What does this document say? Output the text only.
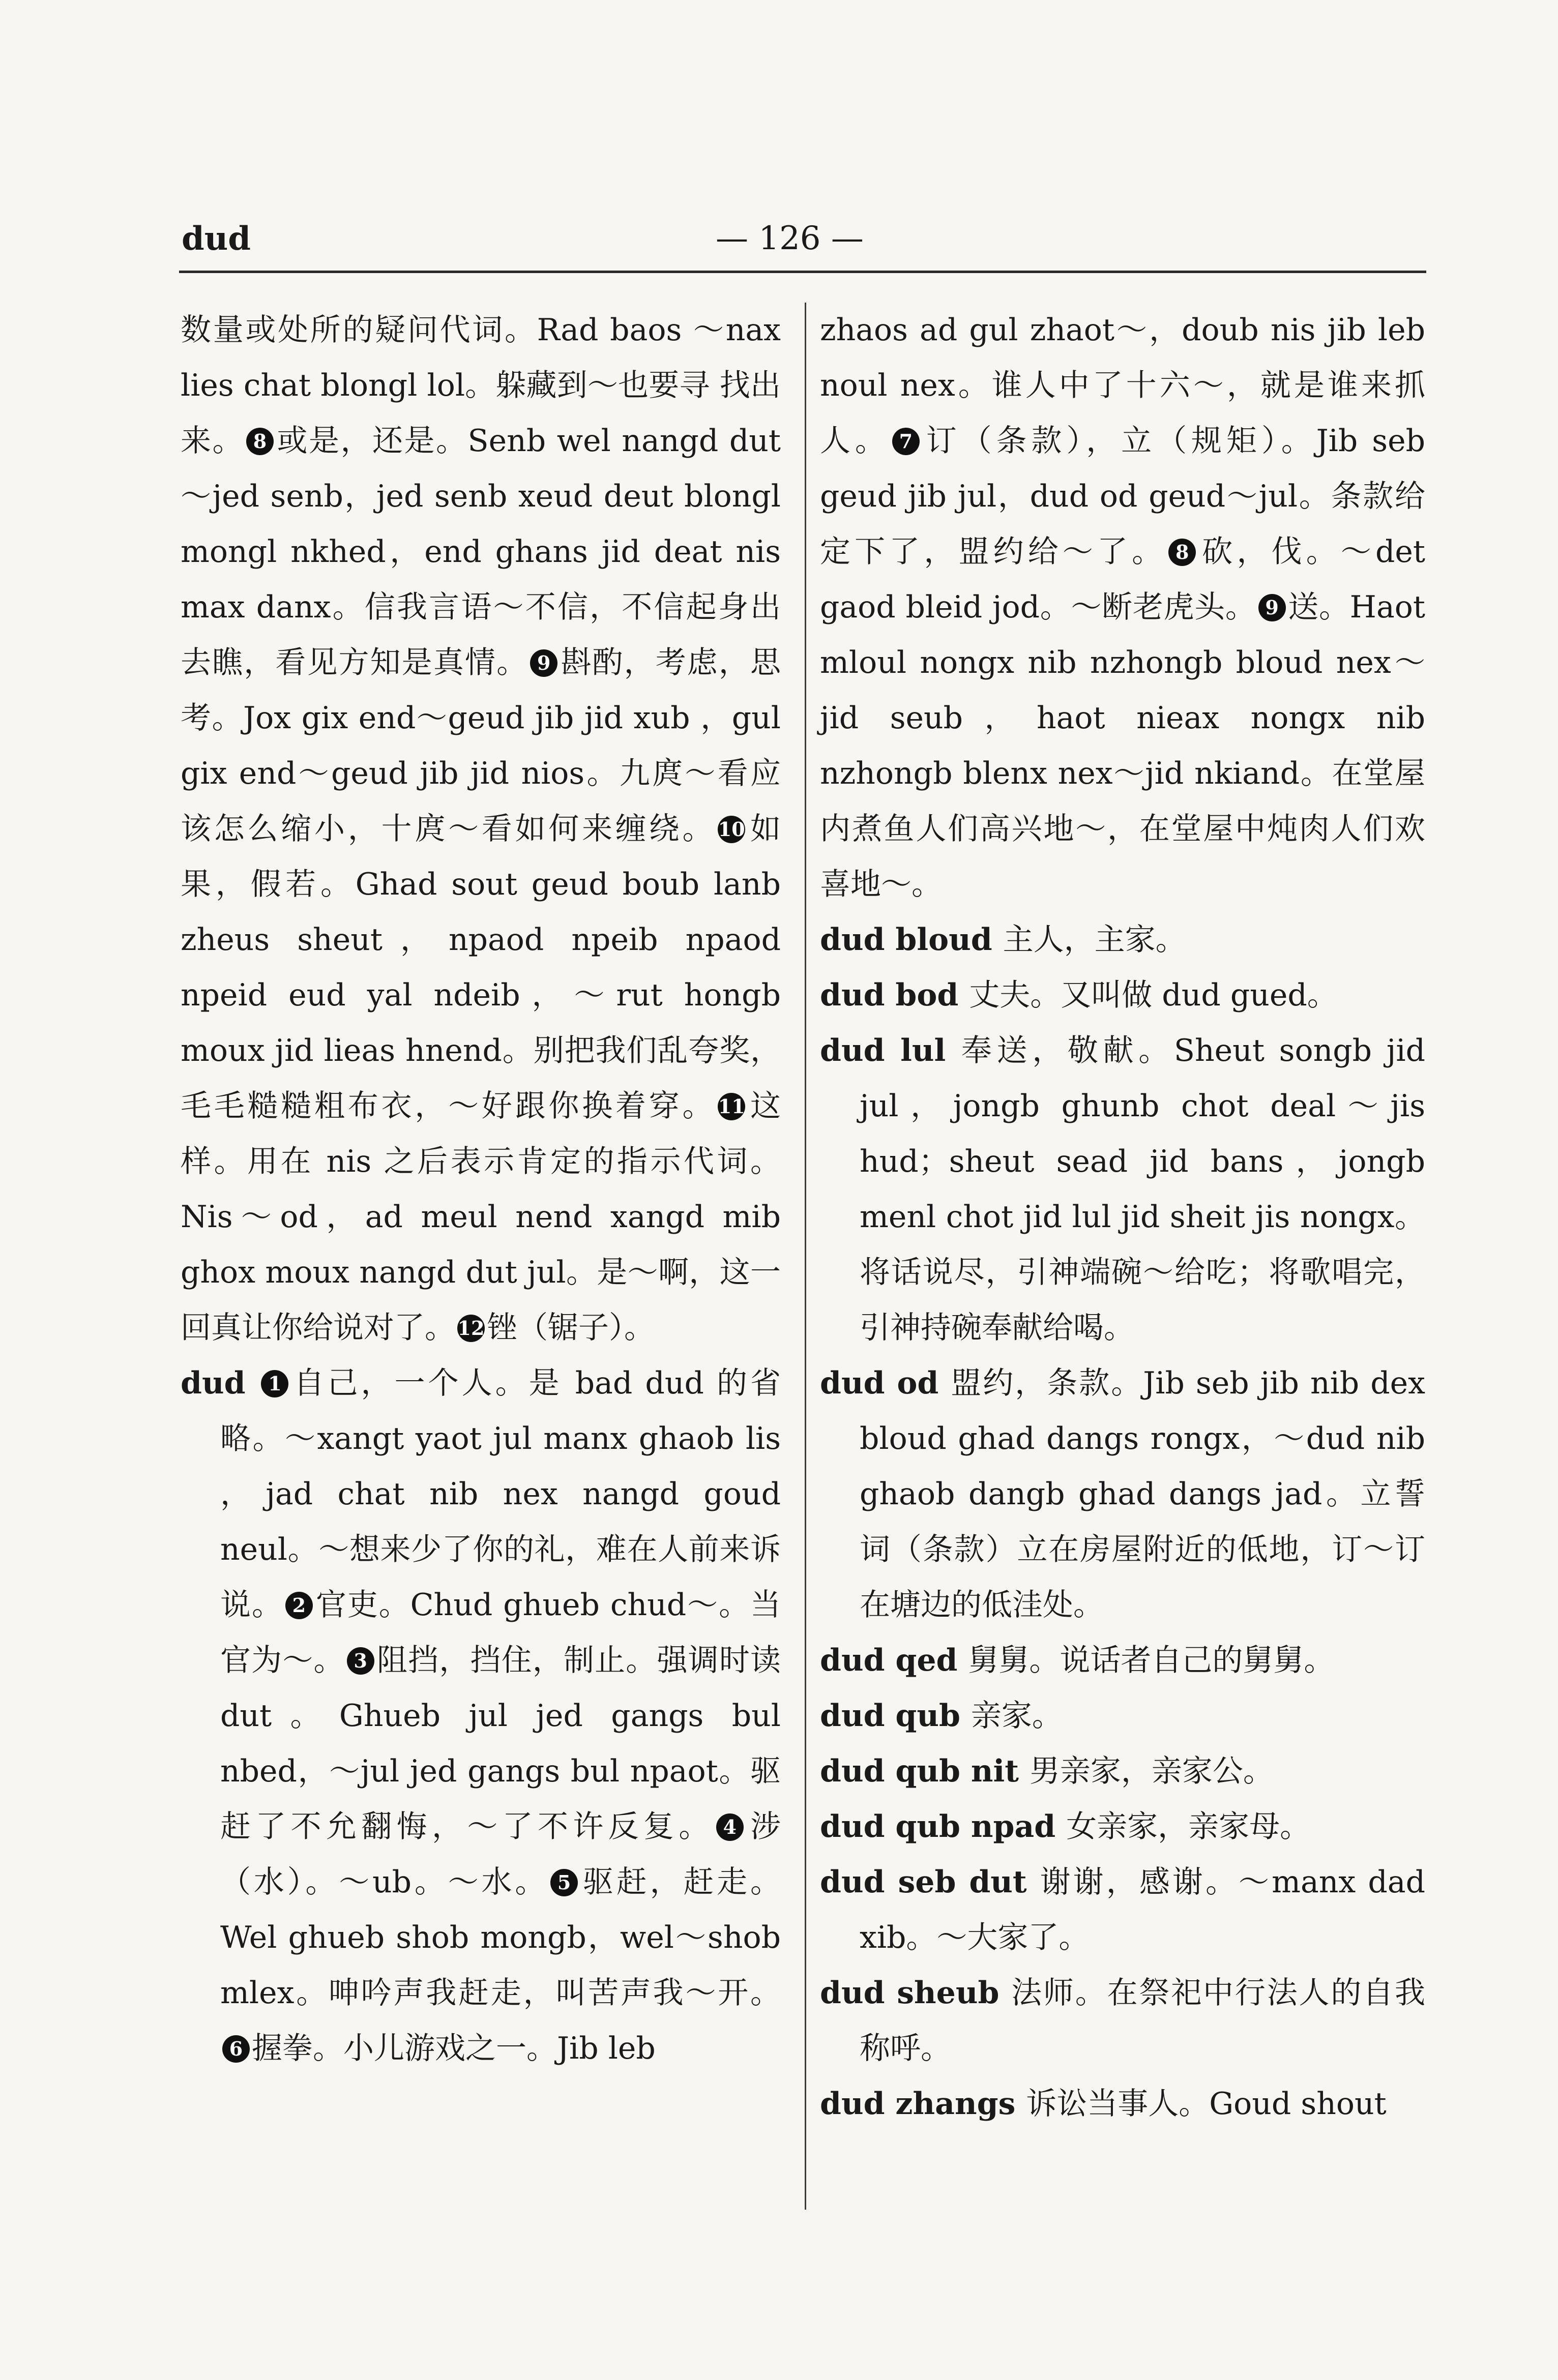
dud	— 126 —

数量或处所的疑问代词。Rad baos ～nax lies chat blongl lol。躲藏到～也要寻 找出来。 8 或是，还是。Senb wel nangd dut～jed senb，jed senb xeud deut blongl mongl nkhed，end ghans jid deat nis max danx。信我言语～不信，不信起身出去瞧，看见方知是真情。 9 斟酌，考虑，思考。Jox gix end～geud jib jid xub ，gul gix end～geud jib jid nios。九庹～看应该怎么缩小，十庹～看如何来缠绕。 10如果，假若。Ghad sout geud boub lanb zheus sheut，npaod npeib npaod npeid eud yal ndeib，～rut hongb moux jid lieas hnend。别把我们乱夸奖，毛毛糙糙粗布衣，～好跟你换着穿。 11这样。用在 nis 之后表示肯定的指示代词。Nis～od，ad meul nend xangd mib ghox moux nangd dut jul。是～啊，这一回真让你给说对了。 12锉（锯子）。

dud 1 自己，一个人。是 bad dud 的省略。～xangt yaot jul manx ghaob lis ，jad chat nib nex nangd goud neul。～想来少了你的礼，难在人前来诉说。 2 官吏。Chud ghueb chud～。当官为～。 3 阻挡，挡住，制止。强调时读 dut。Ghueb jul jed gangs bul nbed，～jul jed gangs bul npaot。驱赶了不允翻悔，～了不许反复。 4 涉（水）。～ub。～水。 5 驱赶，赶走。Wel ghueb shob mongb，wel～shob mlex。呻吟声我赶走，叫苦声我～开。6 握拳。小儿游戏之一。Jib leb

zhaos ad gul zhaot～，doub nis jib leb noul nex。谁人中了十六～，就是谁来抓人。 7 订（条款），立（规矩）。Jib seb geud jib jul，dud od geud～jul。条款给定下了，盟约给～了。 8 砍，伐。～det gaod bleid jod。～断老虎头。 9 送。Haot mloul nongx nib nzhongb bloud nex～jid seub，haot nieax nongx nib nzhongb blenx nex～jid nkiand。在堂屋内煮鱼人们高兴地～，在堂屋中炖肉人们欢喜地～。

dud bloud 主人，主家。

dud bod 丈夫。又叫做 dud gued。

dud lul 奉送，敬献。Sheut songb jid jul，jongb ghunb chot deal～jis hud；sheut sead jid bans，jongb menl chot jid lul jid sheit jis nongx。将话说尽，引神端碗～给吃；将歌唱完，引神持碗奉献给喝。

dud od 盟约，条款。Jib seb jib nib dex bloud ghad dangs rongx，～dud nib ghaob dangb ghad dangs jad。立誓词（条款）立在房屋附近的低地，订～订在塘边的低洼处。

dud qed 舅舅。说话者自己的舅舅。

dud qub 亲家。

dud qub nit 男亲家，亲家公。

dud qub npad 女亲家，亲家母。

dud seb dut 谢谢，感谢。～manx dad xib。～大家了。

dud sheub 法师。在祭祀中行法人的自我称呼。

dud zhangs 诉讼当事人。Goud shout
